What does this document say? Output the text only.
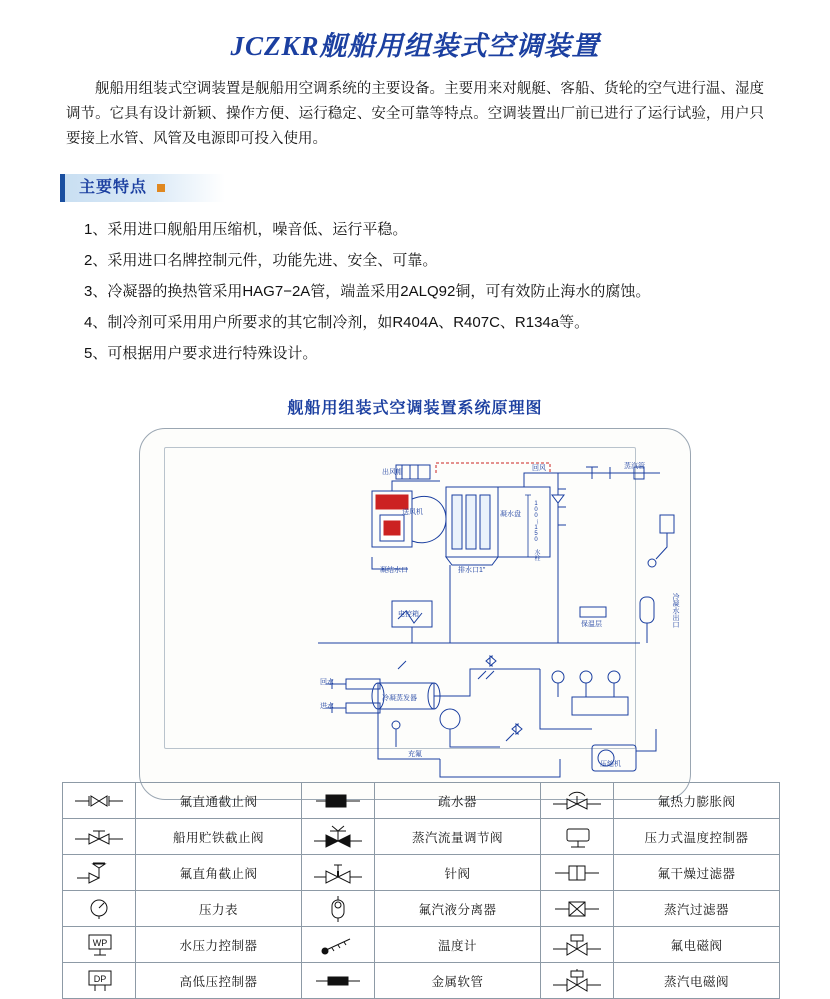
JCZKR舰船用组装式空调装置

舰船用组装式空调装置是舰船用空调系统的主要设备。主要用来对舰艇、客船、货轮的空气进行温、湿度调节。它具有设计新颖、操作方便、运行稳定、安全可靠等特点。空调装置出厂前已进行了运行试验，用户只要接上水管、风管及电源即可投入使用。

主要特点
1、采用进口舰船用压缩机，噪音低、运行平稳。
2、采用进口名牌控制元件，功能先进、安全、可靠。
3、冷凝器的换热管采用HAG7−2A管，端盖采用2ALQ92铜，可有效防止海水的腐蚀。
4、制冷剂可采用用户所要求的其它制冷剂，如R404A、R407C、R134a等。
5、可根据用户要求进行特殊设计。
舰船用组装式空调装置系统原理图
出风帽
回风	蒸汽管
送风机	凝水盘
凝结水口	排水口1"
电控箱
保温层	冷凝水出口
回水
进水
冷凝蒸发器
充氟
压缩机
100～150 水柱
	氟直通截止阀		疏水器		氟热力膨胀阀

	船用贮铁截止阀		蒸汽流量调节阀		压力式温度控制器

	氟直角截止阀		针阀		氟干燥过滤器

	压力表		氟汽液分离器		蒸汽过滤器

WP	水压力控制器		温度计		氟电磁阀

DP	高低压控制器		金属软管		蒸汽电磁阀
